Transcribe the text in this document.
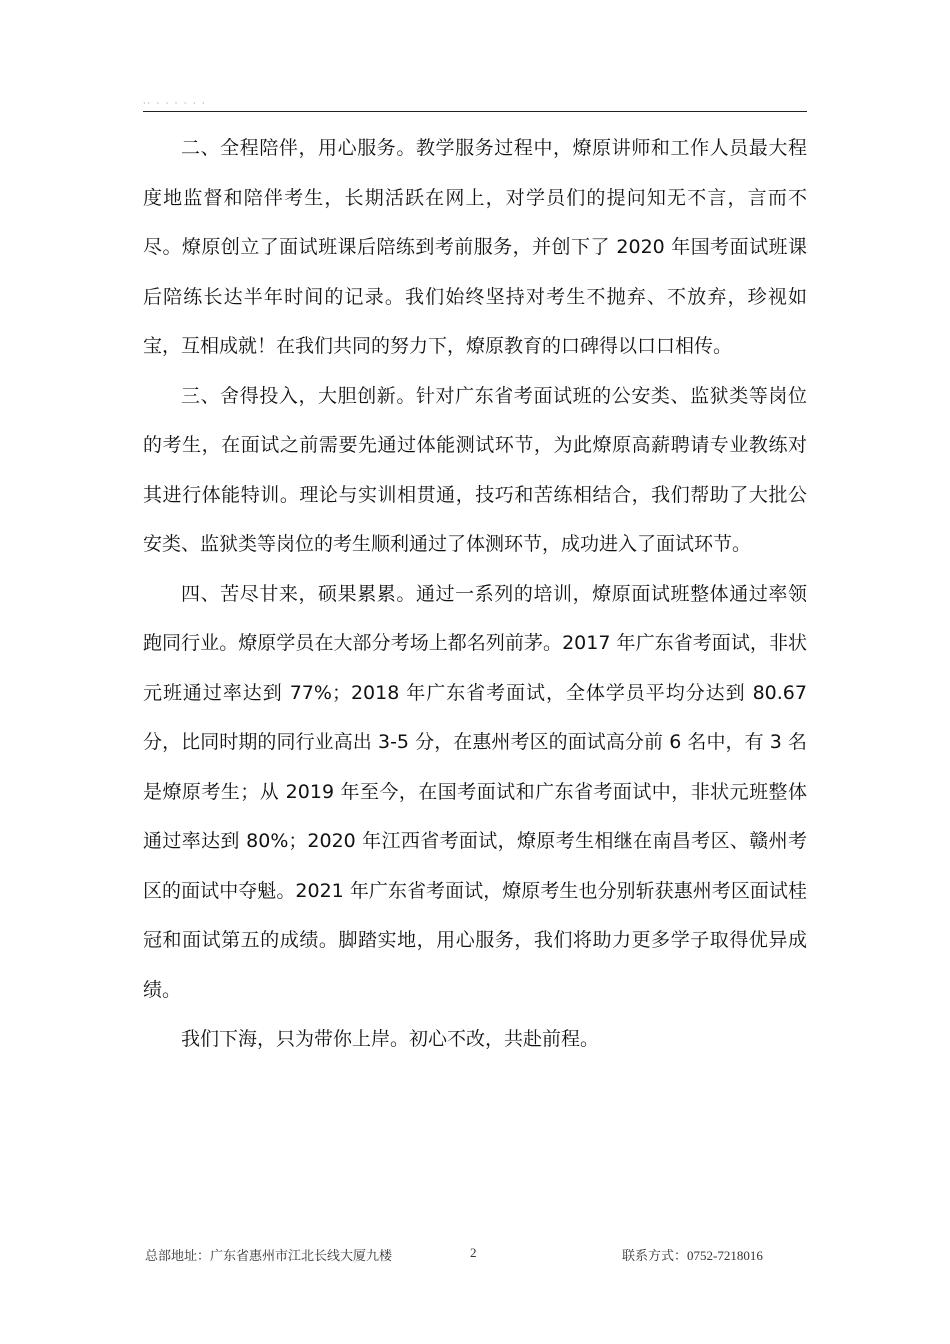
·· · · · · · ·

二、全程陪伴，用心服务。教学服务过程中，燎原讲师和工作人员最大程度地监督和陪伴考生，长期活跃在网上，对学员们的提问知无不言，言而不尽。燎原创立了面试班课后陪练到考前服务，并创下了 2020 年国考面试班课后陪练长达半年时间的记录。我们始终坚持对考生不抛弃、不放弃，珍视如宝，互相成就！在我们共同的努力下，燎原教育的口碑得以口口相传。

三、舍得投入，大胆创新。针对广东省考面试班的公安类、监狱类等岗位的考生，在面试之前需要先通过体能测试环节，为此燎原高薪聘请专业教练对其进行体能特训。理论与实训相贯通，技巧和苦练相结合，我们帮助了大批公安类、监狱类等岗位的考生顺利通过了体测环节，成功进入了面试环节。

四、苦尽甘来，硕果累累。通过一系列的培训，燎原面试班整体通过率领跑同行业。燎原学员在大部分考场上都名列前茅。2017 年广东省考面试，非状元班通过率达到 77%；2018 年广东省考面试，全体学员平均分达到 80.67 分，比同时期的同行业高出 3-5 分，在惠州考区的面试高分前 6 名中，有 3 名是燎原考生；从 2019 年至今，在国考面试和广东省考面试中，非状元班整体通过率达到 80%；2020 年江西省考面试，燎原考生相继在南昌考区、赣州考区的面试中夺魁。2021 年广东省考面试，燎原考生也分别斩获惠州考区面试桂冠和面试第五的成绩。脚踏实地，用心服务，我们将助力更多学子取得优异成绩。

我们下海，只为带你上岸。初心不改，共赴前程。

总部地址：广东省惠州市江北长线大厦九楼	2	联系方式：0752-7218016
